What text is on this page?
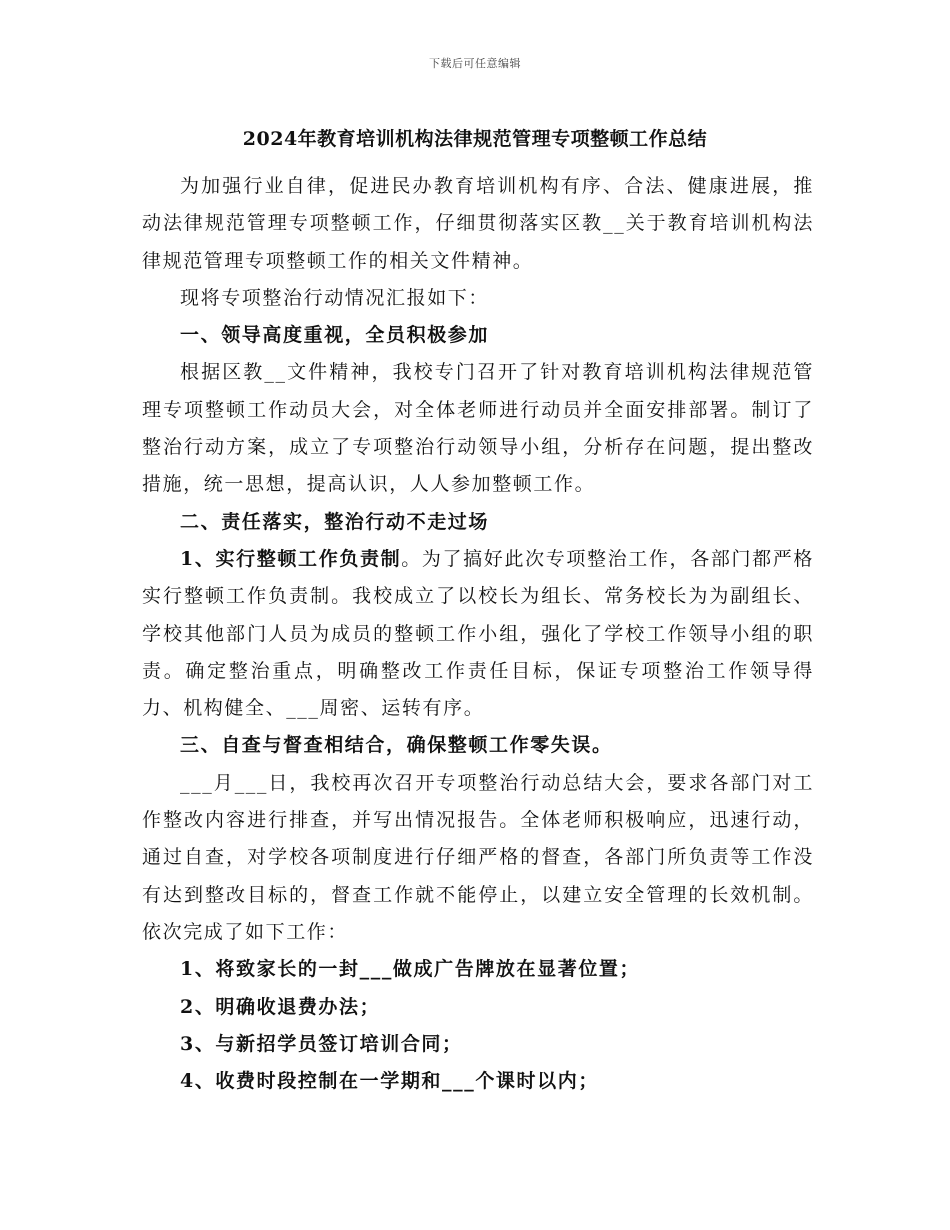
下载后可任意编辑
2024年教育培训机构法律规范管理专项整顿工作总结

为加强行业自律，促进民办教育培训机构有序、合法、健康进展，推动法律规范管理专项整顿工作，仔细贯彻落实区教__关于教育培训机构法律规范管理专项整顿工作的相关文件精神。

现将专项整治行动情况汇报如下：

一、领导高度重视，全员积极参加

根据区教__文件精神，我校专门召开了针对教育培训机构法律规范管理专项整顿工作动员大会，对全体老师进行动员并全面安排部署。制订了整治行动方案，成立了专项整治行动领导小组，分析存在问题，提出整改措施，统一思想，提高认识，人人参加整顿工作。

二、责任落实，整治行动不走过场

1、实行整顿工作负责制。为了搞好此次专项整治工作，各部门都严格实行整顿工作负责制。我校成立了以校长为组长、常务校长为为副组长、学校其他部门人员为成员的整顿工作小组，强化了学校工作领导小组的职责。确定整治重点，明确整改工作责任目标，保证专项整治工作领导得力、机构健全、___周密、运转有序。

三、自查与督查相结合，确保整顿工作零失误。

___月___日，我校再次召开专项整治行动总结大会，要求各部门对工作整改内容进行排查，并写出情况报告。全体老师积极响应，迅速行动，通过自查，对学校各项制度进行仔细严格的督查，各部门所负责等工作没有达到整改目标的，督查工作就不能停止，以建立安全管理的长效机制。依次完成了如下工作：

1、将致家长的一封___做成广告牌放在显著位置；

2、明确收退费办法；

3、与新招学员签订培训合同；

4、收费时段控制在一学期和___个课时以内；
